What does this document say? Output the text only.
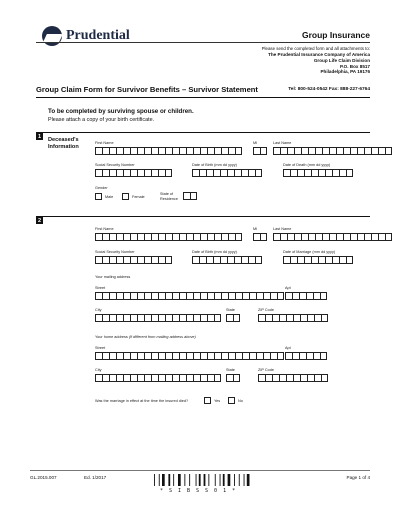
Prudential	Group Insurance
Please send the completed form and all attachments to:
The Prudential Insurance Company of America
Group Life Claim Division
P.O. Box 8517
Philadelphia, PA 19176
Group Claim Form for Survivor Benefits – Survivor Statement	Tel: 800-524-0542 Fax: 888-227-6764
To be completed by surviving spouse or children.
Please attach a copy of your birth certificate.
1
Deceased's
Information
First Name	MI	Last Name
Social Security Number	Date of Birth (mm dd yyyy)	Date of Death (mm dd yyyy)
Gender
Male	Female
State of
Residence
2
First Name	MI	Last Name
Social Security Number	Date of Birth (mm dd yyyy)	Date of Marriage (mm dd yyyy)
Your mailing address
Street	Apt
City	State	ZIP Code
Your home address (if different from mailing address above)
Street	Apt
City	State	ZIP Code
Was the marriage in effect at the time the insured died?	Yes	No
GL.2015.007	Ed. 1/2017
*SIBSS01*
Page 1 of 4
